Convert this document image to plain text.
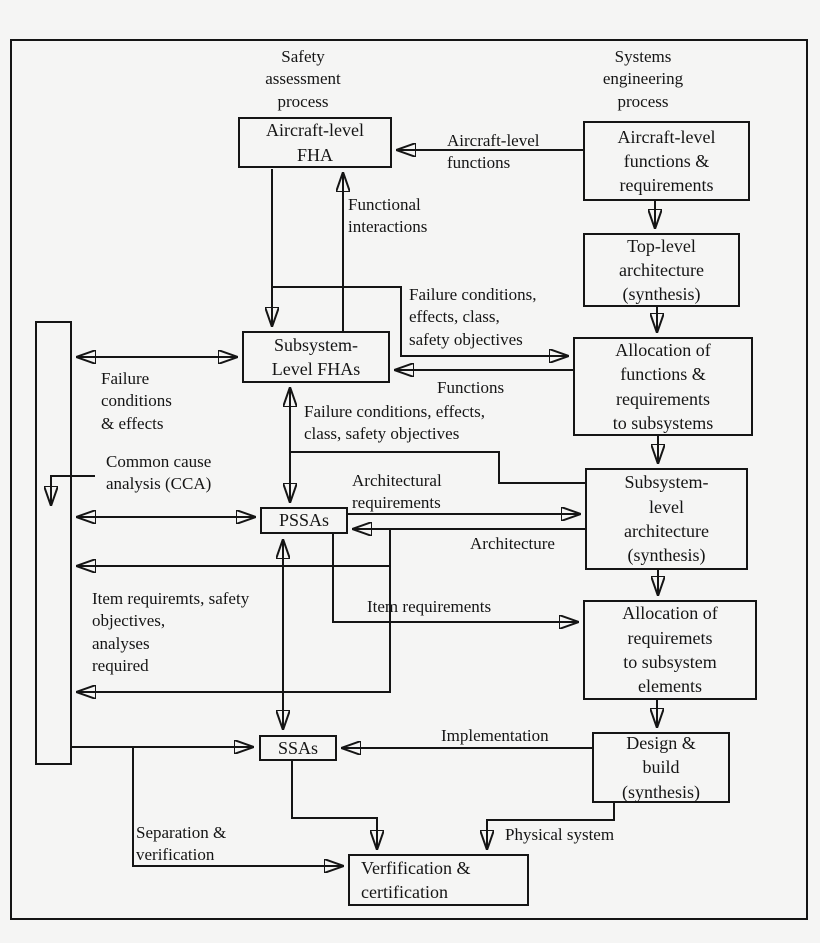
Safety
assessment
process
Systems
engineering
process
Aircraft-level
FHA
Aircraft-level
functions &
requirements
Top-level
architecture
(synthesis)
Allocation of
functions &
requirements
to subsystems
Subsystem-
Level FHAs
PSSAs
Subsystem-
level
architecture
(synthesis)
Allocation of
requiremets
to subsystem
elements
Design &
build
(synthesis)
SSAs
Verfification &
certification
Aircraft-level
functions
Functional
interactions
Failure conditions,
effects, class,
safety objectives
Functions
Failure conditions, effects,
class, safety objectives
Failure
conditions
& effects
Common cause
analysis (CCA)	Architectural
requirements
Architecture
Item requiremts, safety
objectives,
analyses
required
Item requirements
Implementation
Separation &
verification
Physical system
